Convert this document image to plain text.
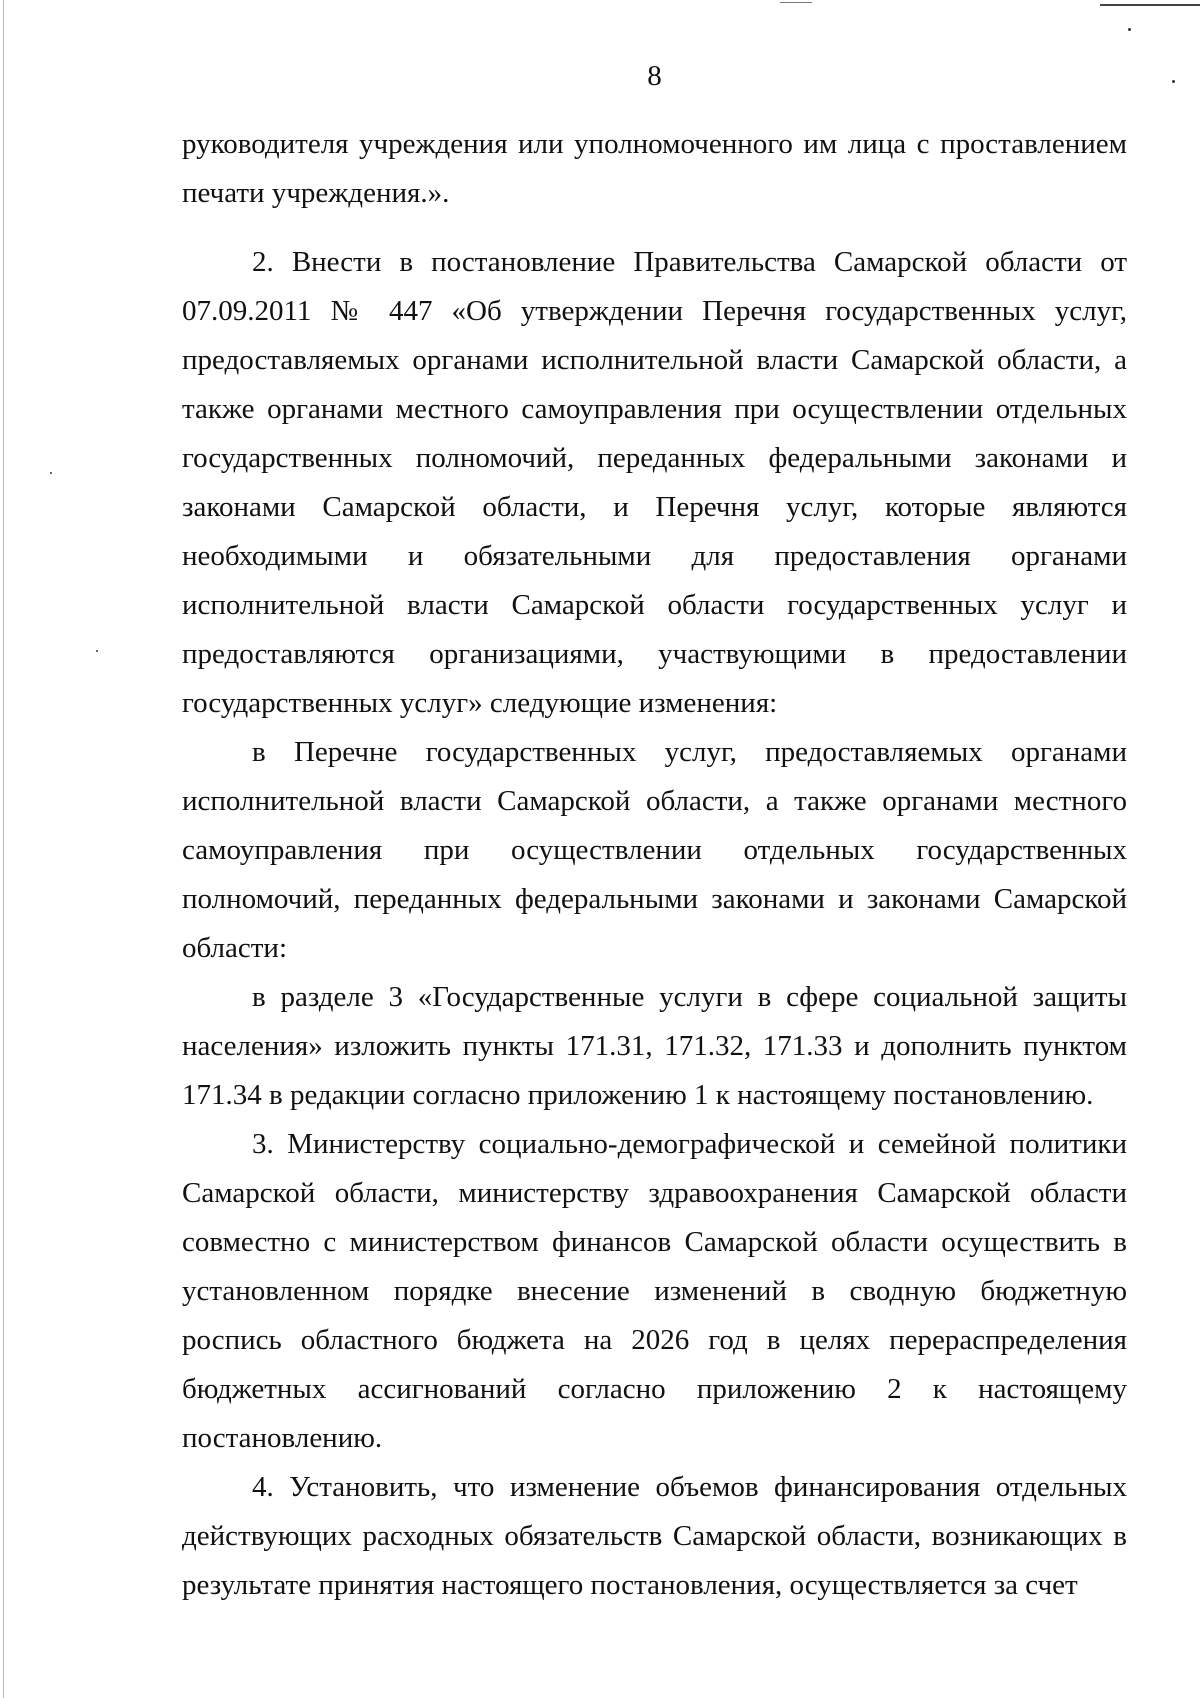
8

руководителя учреждения или уполномоченного им лица с проставлением печати учреждения.».

2. Внести в постановление Правительства Самарской области от 07.09.2011 № 447 «Об утверждении Перечня государственных услуг, предоставляемых органами исполнительной власти Самарской области, а также органами местного самоуправления при осуществлении отдельных государственных полномочий, переданных федеральными законами и законами Самарской области, и Перечня услуг, которые являются необходимыми и обязательными для предоставления органами исполнительной власти Самарской области государственных услуг и предоставляются организациями, участвующими в предоставлении государственных услуг» следующие изменения:

в Перечне государственных услуг, предоставляемых органами исполнительной власти Самарской области, а также органами местного самоуправления при осуществлении отдельных государственных полномочий, переданных федеральными законами и законами Самарской области:

в разделе 3 «Государственные услуги в сфере социальной защиты населения» изложить пункты 171.31, 171.32, 171.33 и дополнить пунктом 171.34 в редакции согласно приложению 1 к настоящему постановлению.

3. Министерству социально-демографической и семейной политики Самарской области, министерству здравоохранения Самарской области совместно с министерством финансов Самарской области осуществить в установленном порядке внесение изменений в сводную бюджетную роспись областного бюджета на 2026 год в целях перераспределения бюджетных ассигнований согласно приложению 2 к настоящему постановлению.

4. Установить, что изменение объемов финансирования отдельных действующих расходных обязательств Самарской области, возникающих в результате принятия настоящего постановления, осуществляется за счет
